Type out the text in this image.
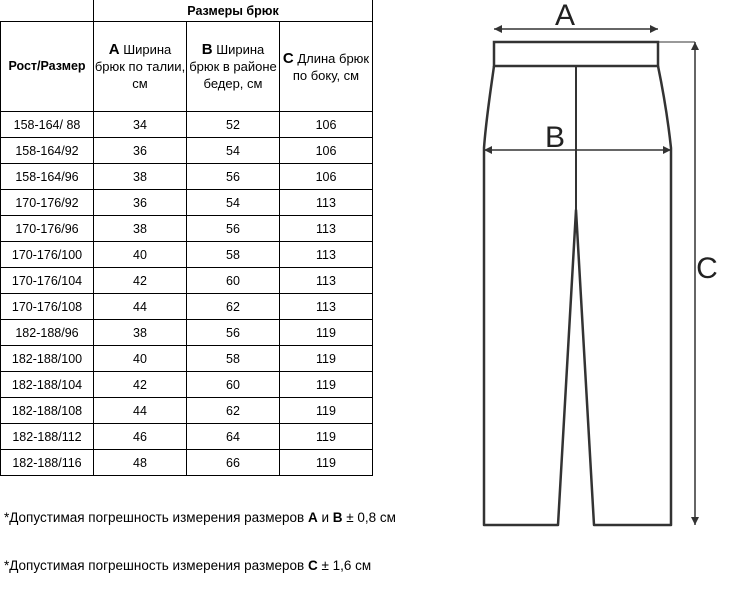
	Размеры брюк		
Рост/Размер	А Ширина брюк по талии, см	В Ширина брюк в районе бедер, см	С Длина брюк по боку, см
158-164/ 88	34	52	106
158-164/92	36	54	106
158-164/96	38	56	106
170-176/92	36	54	113
170-176/96	38	56	113
170-176/100	40	58	113
170-176/104	42	60	113
170-176/108	44	62	113
182-188/96	38	56	119
182-188/100	40	58	119
182-188/104	42	60	119
182-188/108	44	62	119
182-188/112	46	64	119
182-188/116	48	66	119
*Допустимая погрешность измерения размеров А и В ± 0,8 см
*Допустимая погрешность измерения размеров С ± 1,6 см
A
B
C
